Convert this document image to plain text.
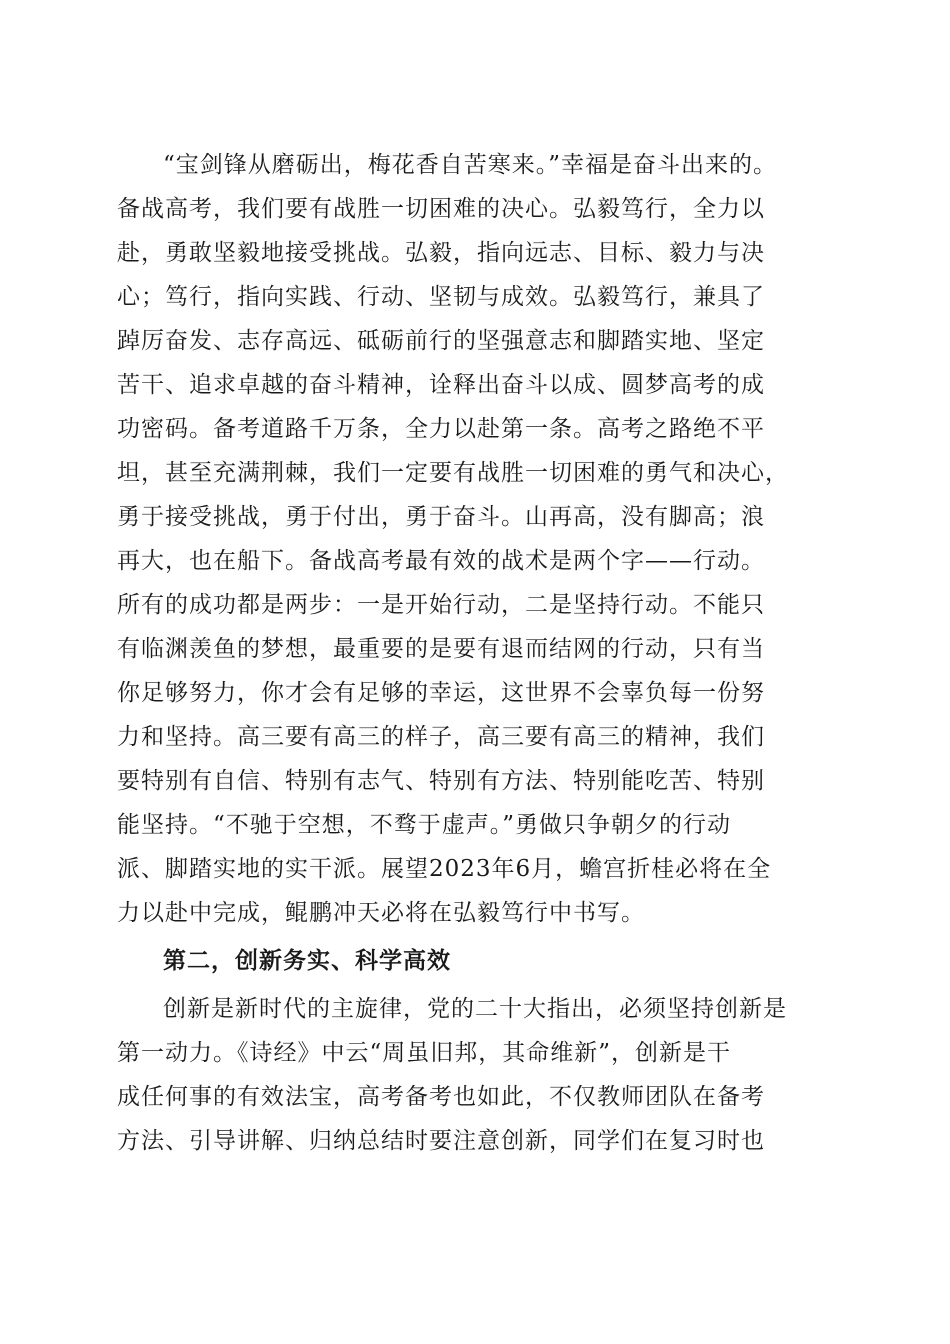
“宝剑锋从磨砺出，梅花香自苦寒来。”幸福是奋斗出来的。
备战高考，我们要有战胜一切困难的决心。弘毅笃行，全力以
赴，勇敢坚毅地接受挑战。弘毅，指向远志、目标、毅力与决
心；笃行，指向实践、行动、坚韧与成效。弘毅笃行，兼具了
踔厉奋发、志存高远、砥砺前行的坚强意志和脚踏实地、坚定
苦干、追求卓越的奋斗精神，诠释出奋斗以成、圆梦高考的成
功密码。备考道路千万条，全力以赴第一条。高考之路绝不平
坦，甚至充满荆棘，我们一定要有战胜一切困难的勇气和决心，
勇于接受挑战，勇于付出，勇于奋斗。山再高，没有脚高；浪
再大，也在船下。备战高考最有效的战术是两个字——行动。
所有的成功都是两步：一是开始行动，二是坚持行动。不能只
有临渊羡鱼的梦想，最重要的是要有退而结网的行动，只有当
你足够努力，你才会有足够的幸运，这世界不会辜负每一份努
力和坚持。高三要有高三的样子，高三要有高三的精神，我们
要特别有自信、特别有志气、特别有方法、特别能吃苦、特别
能坚持。“不驰于空想，不骛于虚声。”勇做只争朝夕的行动
派、脚踏实地的实干派。展望2023年6月，蟾宫折桂必将在全
力以赴中完成，鲲鹏冲天必将在弘毅笃行中书写。
第二，创新务实、科学高效
创新是新时代的主旋律，党的二十大指出，必须坚持创新是
第一动力。《诗经》中云“周虽旧邦，其命维新”，创新是干
成任何事的有效法宝，高考备考也如此，不仅教师团队在备考
方法、引导讲解、归纳总结时要注意创新，同学们在复习时也
